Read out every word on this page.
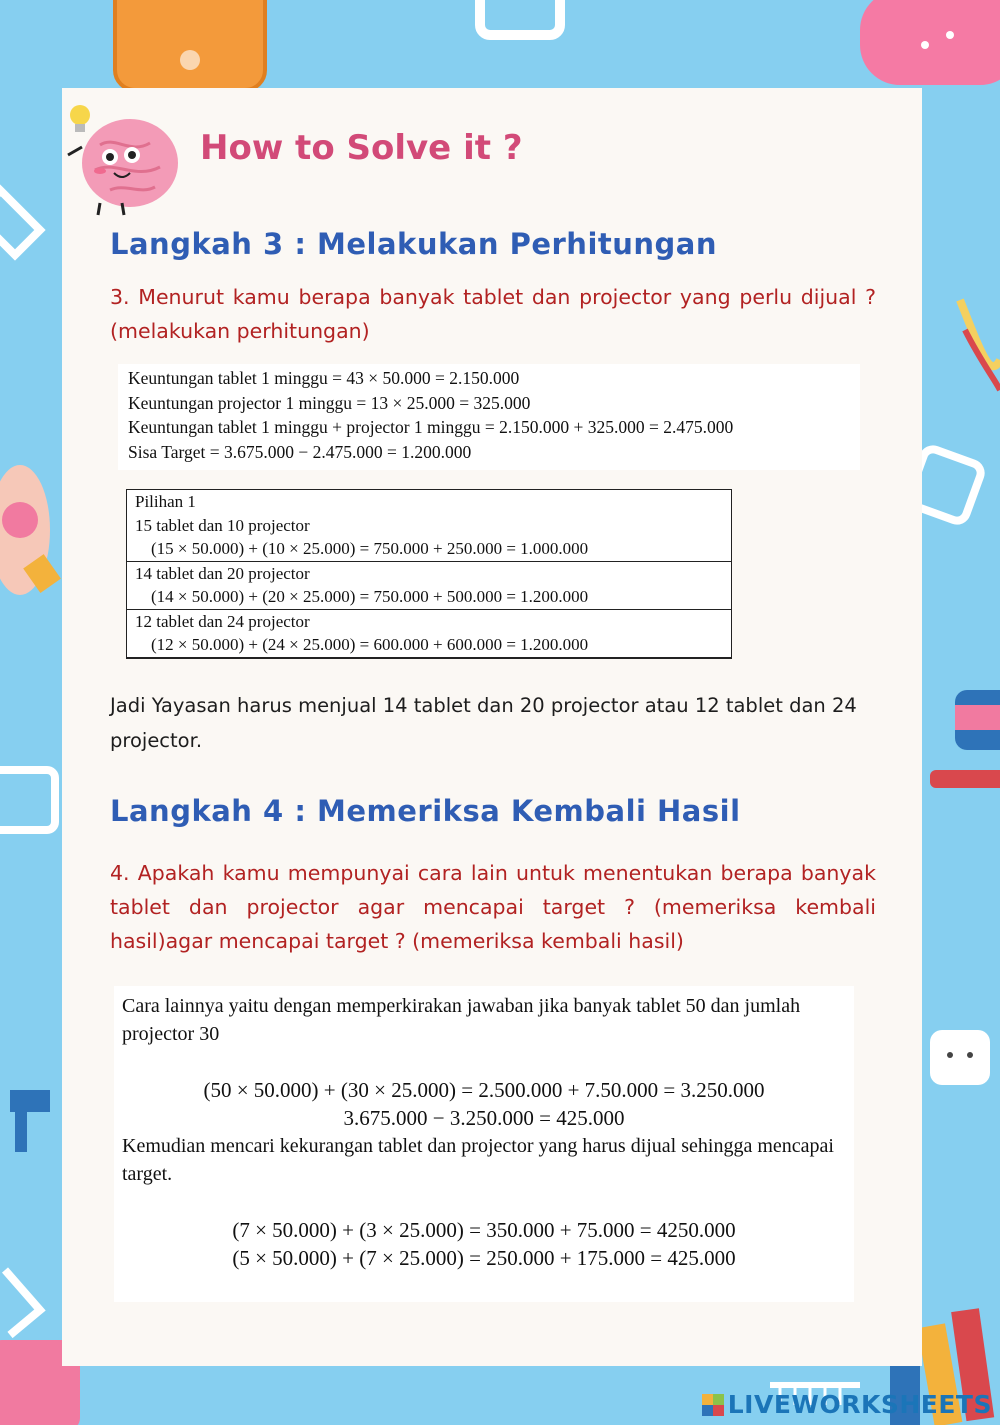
How to Solve it ?
Langkah 3 : Melakukan Perhitungan
3. Menurut kamu berapa banyak tablet dan projector yang perlu dijual ? (melakukan perhitungan)
Keuntungan tablet 1 minggu = 43 × 50.000 = 2.150.000
Keuntungan projector 1 minggu = 13 × 25.000 = 325.000
Keuntungan tablet 1 minggu + projector 1 minggu = 2.150.000 + 325.000 = 2.475.000
Sisa Target = 3.675.000 − 2.475.000 = 1.200.000
Pilihan 1
15 tablet dan 10 projector
(15 × 50.000) + (10 × 25.000) = 750.000 + 250.000 = 1.000.000
14 tablet dan 20 projector
(14 × 50.000) + (20 × 25.000) = 750.000 + 500.000 = 1.200.000
12 tablet dan 24 projector
(12 × 50.000) + (24 × 25.000) = 600.000 + 600.000 = 1.200.000
Jadi Yayasan harus menjual 14 tablet dan 20 projector atau 12 tablet dan 24 projector.
Langkah 4 : Memeriksa Kembali Hasil
4. Apakah kamu mempunyai cara lain untuk menentukan berapa banyak tablet dan projector agar mencapai target ? (memeriksa kembali hasil)agar mencapai target ? (memeriksa kembali hasil)
Cara lainnya yaitu dengan memperkirakan jawaban jika banyak tablet 50 dan jumlah projector 30
(50 × 50.000) + (30 × 25.000) = 2.500.000 + 7.50.000 = 3.250.000
3.675.000 − 3.250.000 = 425.000
Kemudian mencari kekurangan tablet dan projector yang harus dijual sehingga mencapai target.
(7 × 50.000) + (3 × 25.000) = 350.000 + 75.000 = 4250.000
(5 × 50.000) + (7 × 25.000) = 250.000 + 175.000 = 425.000
LIVEWORKSHEETS
